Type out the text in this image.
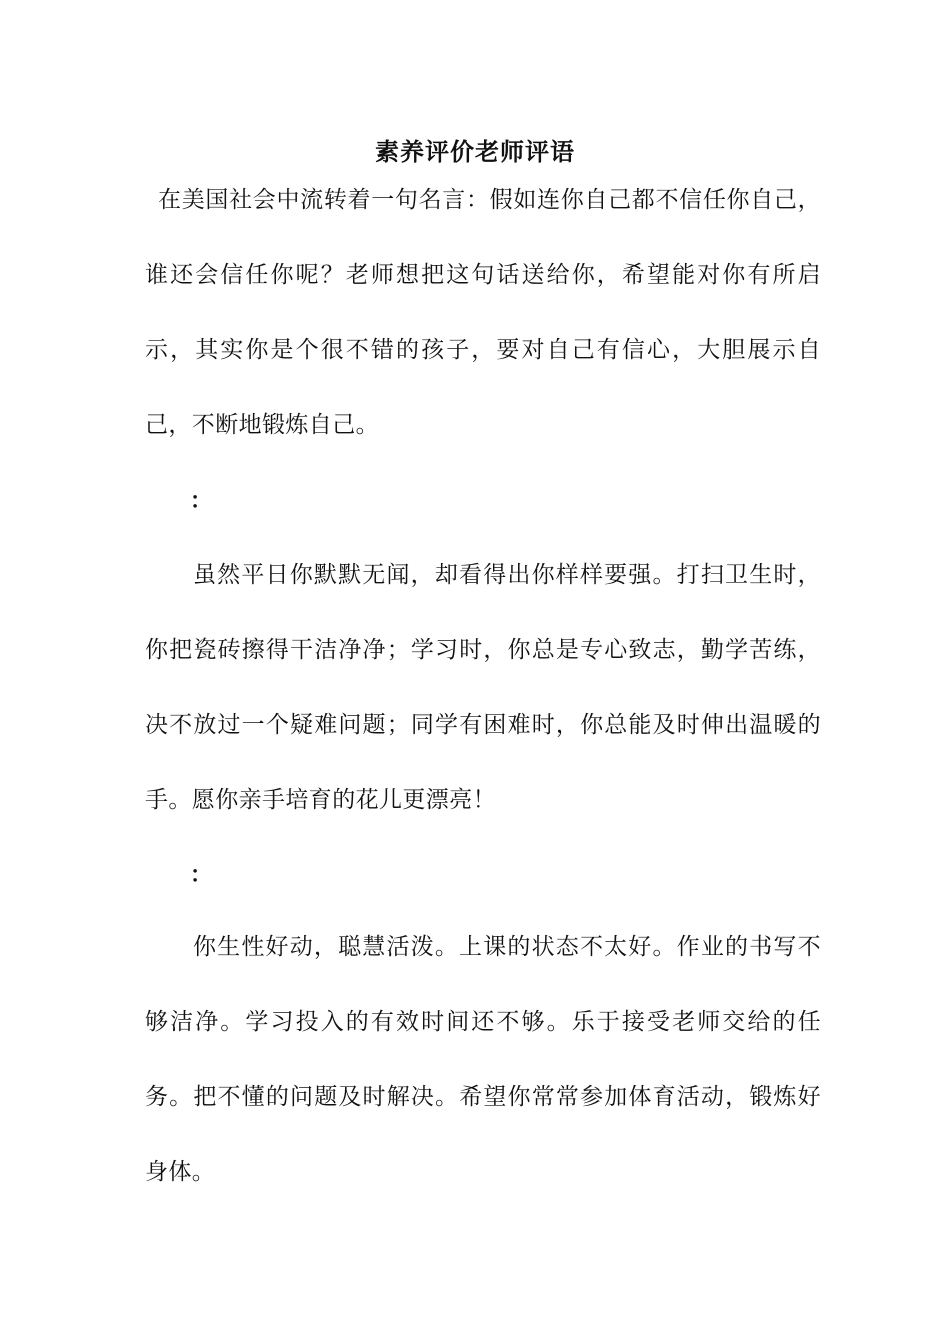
素养评价老师评语
在美国社会中流转着一句名言：假如连你自己都不信任你自己，谁还会信任你呢？老师想把这句话送给你，希望能对你有所启示，其实你是个很不错的孩子，要对自己有信心，大胆展示自己，不断地锻炼自己。
：
虽然平日你默默无闻，却看得出你样样要强。打扫卫生时，你把瓷砖擦得干洁净净；学习时，你总是专心致志，勤学苦练，决不放过一个疑难问题；同学有困难时，你总能及时伸出温暖的手。愿你亲手培育的花儿更漂亮！
：
你生性好动，聪慧活泼。上课的状态不太好。作业的书写不够洁净。学习投入的有效时间还不够。乐于接受老师交给的任务。把不懂的问题及时解决。希望你常常参加体育活动，锻炼好身体。
